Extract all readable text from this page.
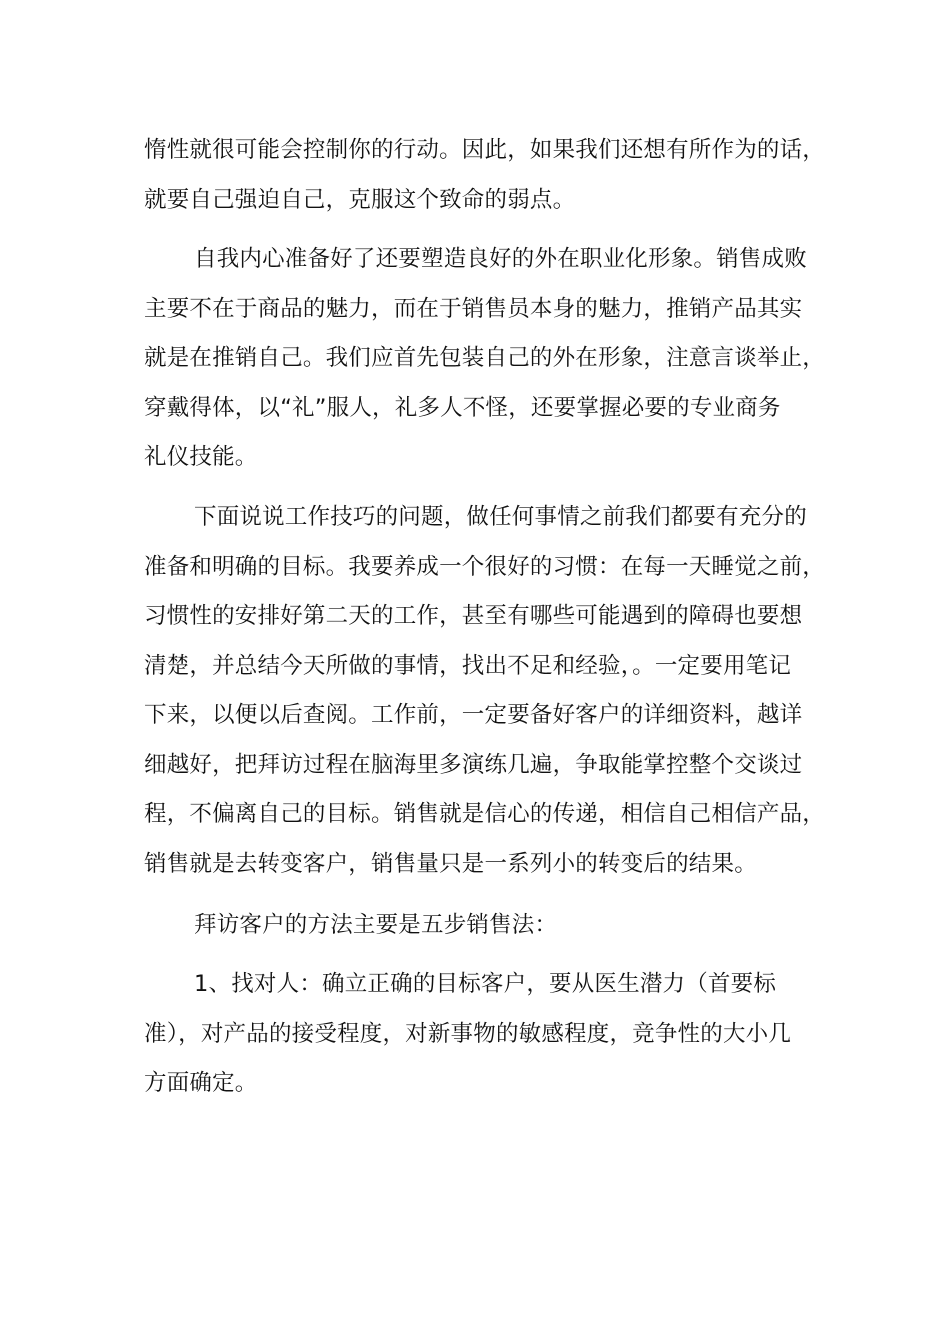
惰性就很可能会控制你的行动。因此，如果我们还想有所作为的话，
就要自己强迫自己，克服这个致命的弱点。

自我内心准备好了还要塑造良好的外在职业化形象。销售成败
主要不在于商品的魅力，而在于销售员本身的魅力，推销产品其实
就是在推销自己。我们应首先包装自己的外在形象，注意言谈举止，
穿戴得体，以“礼”服人，礼多人不怪，还要掌握必要的专业商务
礼仪技能。

下面说说工作技巧的问题，做任何事情之前我们都要有充分的
准备和明确的目标。我要养成一个很好的习惯：在每一天睡觉之前，
习惯性的安排好第二天的工作，甚至有哪些可能遇到的障碍也要想
清楚，并总结今天所做的事情，找出不足和经验，。一定要用笔记
下来，以便以后查阅。工作前，一定要备好客户的详细资料，越详
细越好，把拜访过程在脑海里多演练几遍，争取能掌控整个交谈过
程，不偏离自己的目标。销售就是信心的传递，相信自己相信产品，
销售就是去转变客户，销售量只是一系列小的转变后的结果。

拜访客户的方法主要是五步销售法：

1、找对人：确立正确的目标客户，要从医生潜力（首要标
准），对产品的接受程度，对新事物的敏感程度，竞争性的大小几
方面确定。
